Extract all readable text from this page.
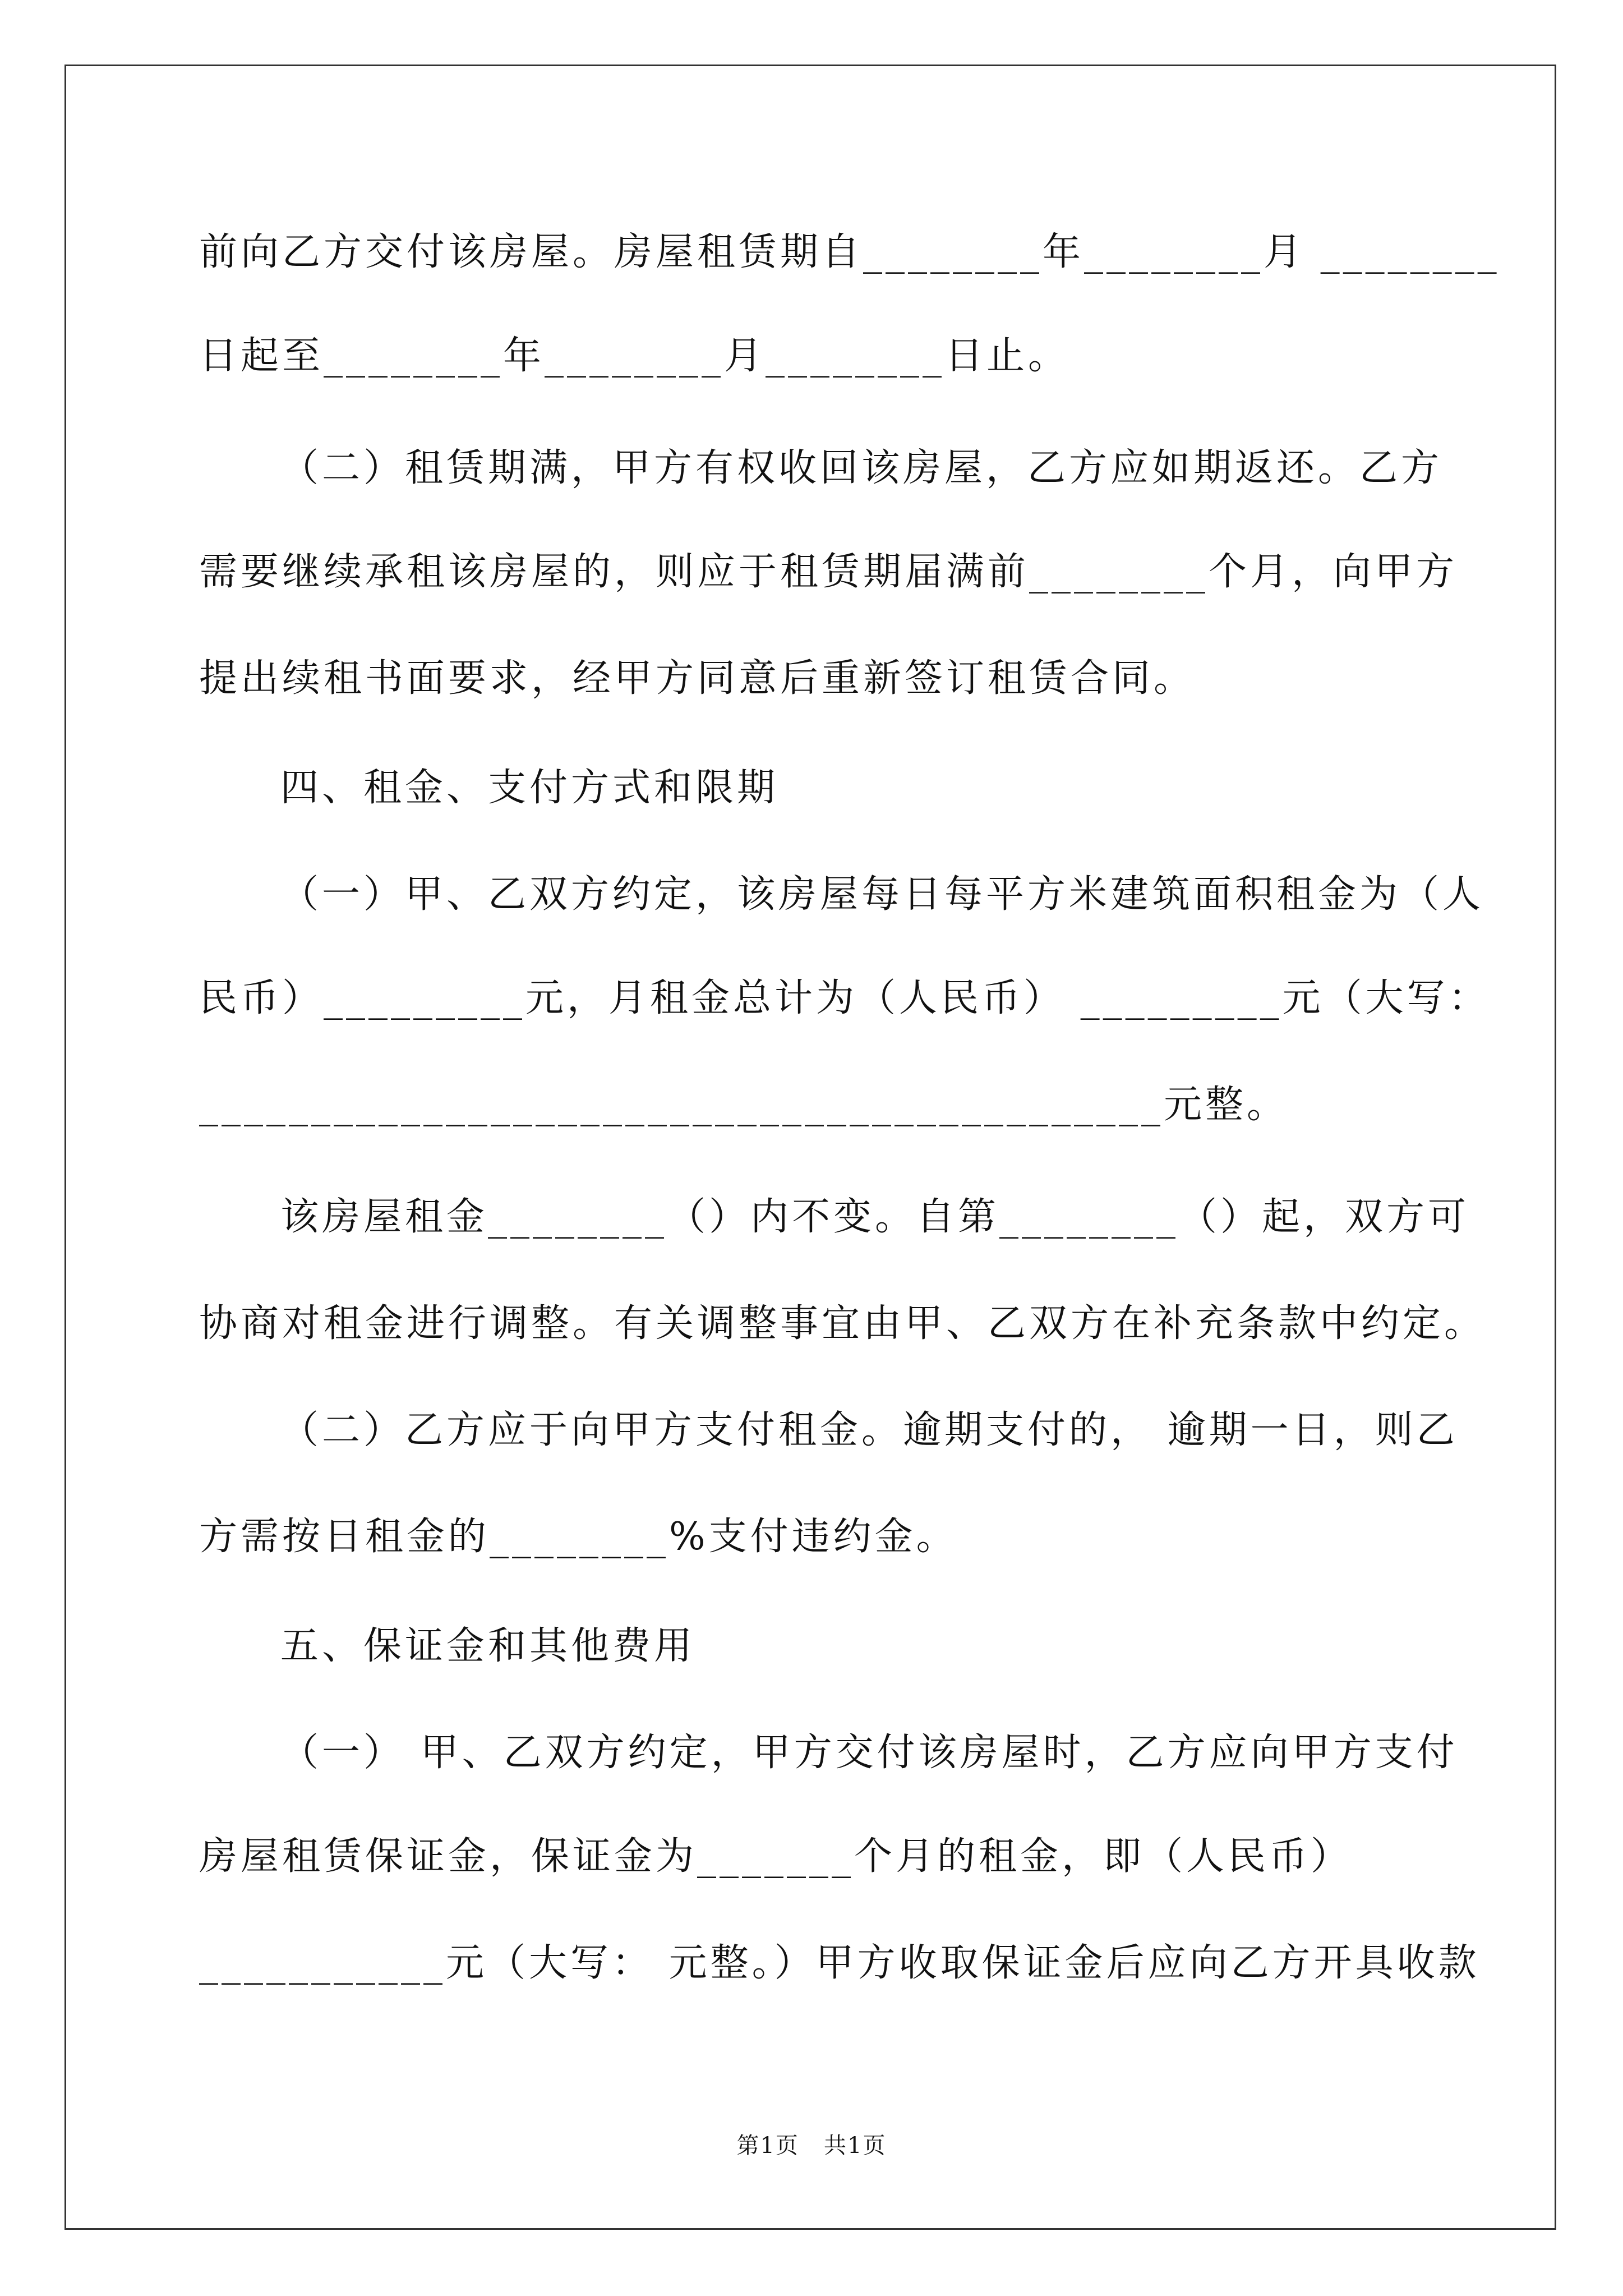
前向乙方交付该房屋。房屋租赁期自________年________月 ________
日起至________年________月________日止。
（二）租赁期满，甲方有权收回该房屋，乙方应如期返还。乙方
需要继续承租该房屋的，则应于租赁期届满前________个月，向甲方
提出续租书面要求，经甲方同意后重新签订租赁合同。
四、租金、支付方式和限期
（一）甲、乙双方约定，该房屋每日每平方米建筑面积租金为（人
民币）_________元，月租金总计为（人民币） _________元（大写：
___________________________________________元整。
该房屋租金________（）内不变。自第________（）起，双方可
协商对租金进行调整。有关调整事宜由甲、乙双方在补充条款中约定。
（二）乙方应于向甲方支付租金。逾期支付的， 逾期一日，则乙
方需按日租金的________%支付违约金。
五、保证金和其他费用
（一） 甲、乙双方约定，甲方交付该房屋时，乙方应向甲方支付
房屋租赁保证金，保证金为_______个月的租金，即（人民币）
___________元（大写： 元整。）甲方收取保证金后应向乙方开具收款
第1页   共1页
